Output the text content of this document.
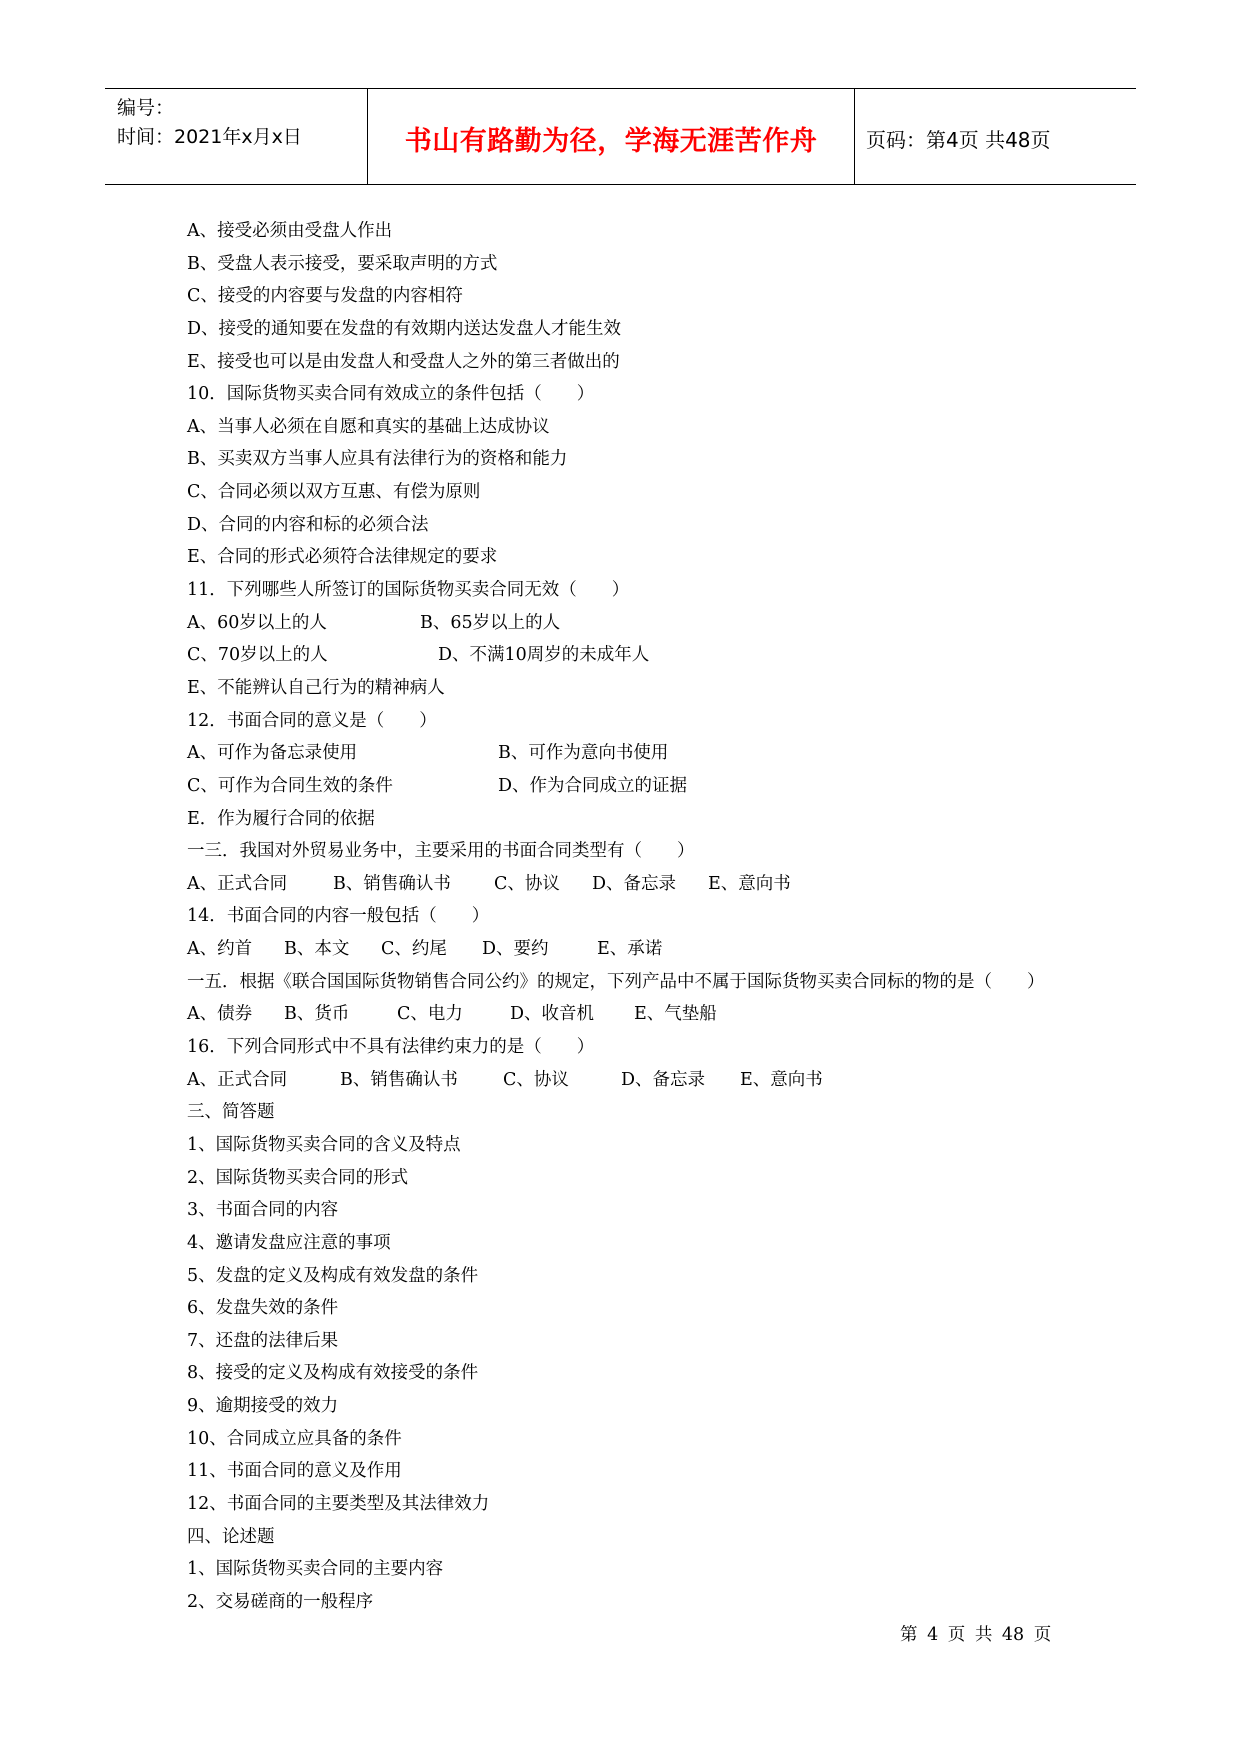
编号：
时间：2021年x月x日	书山有路勤为径，学海无涯苦作舟	页码：第4页 共48页
A、接受必须由受盘人作出
B、受盘人表示接受，要采取声明的方式
C、接受的内容要与发盘的内容相符
D、接受的通知要在发盘的有效期内送达发盘人才能生效
E、接受也可以是由发盘人和受盘人之外的第三者做出的
10．国际货物买卖合同有效成立的条件包括（　　）
A、当事人必须在自愿和真实的基础上达成协议
B、买卖双方当事人应具有法律行为的资格和能力
C、合同必须以双方互惠、有偿为原则
D、合同的内容和标的必须合法
E、合同的形式必须符合法律规定的要求
11．下列哪些人所签订的国际货物买卖合同无效（　　）
A、60岁以上的人	B、65岁以上的人
C、70岁以上的人	D、不满10周岁的未成年人
E、不能辨认自己行为的精神病人
12．书面合同的意义是（　　）
A、可作为备忘录使用	B、可作为意向书使用
C、可作为合同生效的条件	D、作为合同成立的证据
E．作为履行合同的依据
一三．我国对外贸易业务中，主要采用的书面合同类型有（　　）
A、正式合同	B、销售确认书 C、协议 D、备忘录 E、意向书
14．书面合同的内容一般包括（　　）
A、约首 B、本文 C、约尾 D、要约	E、承诺
一五．根据《联合国国际货物销售合同公约》的规定，下列产品中不属于国际货物买卖合同标的物的是（　　）
A、债券 B、货币	C、电力	D、收音机 E、气垫船
16．下列合同形式中不具有法律约束力的是（　　）
A、正式合同	B、销售确认书	C、协议	D、备忘录 E、意向书
三、简答题
1、国际货物买卖合同的含义及特点
2、国际货物买卖合同的形式
3、书面合同的内容
4、邀请发盘应注意的事项
5、发盘的定义及构成有效发盘的条件
6、发盘失效的条件
7、还盘的法律后果
8、接受的定义及构成有效接受的条件
9、逾期接受的效力
10、合同成立应具备的条件
11、书面合同的意义及作用
12、书面合同的主要类型及其法律效力
四、论述题
1、国际货物买卖合同的主要内容
2、交易磋商的一般程序
第 4 页 共 48 页
